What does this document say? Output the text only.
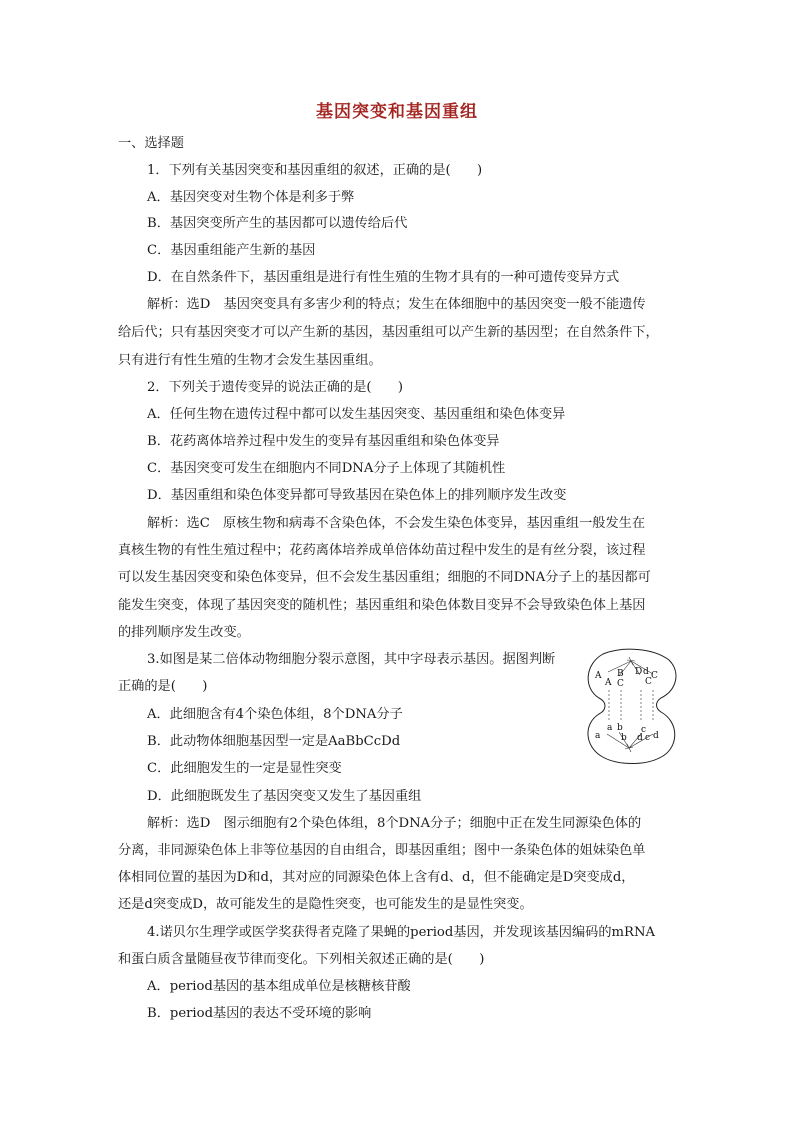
基因突变和基因重组
一、选择题
1．下列有关基因突变和基因重组的叙述，正确的是(　　)
A．基因突变对生物个体是利多于弊
B．基因突变所产生的基因都可以遗传给后代
C．基因重组能产生新的基因
D．在自然条件下，基因重组是进行有性生殖的生物才具有的一种可遗传变异方式
解析：选D　基因突变具有多害少利的特点；发生在体细胞中的基因突变一般不能遗传
给后代；只有基因突变才可以产生新的基因，基因重组可以产生新的基因型；在自然条件下，
只有进行有性生殖的生物才会发生基因重组。
2．下列关于遗传变异的说法正确的是(　　)
A．任何生物在遗传过程中都可以发生基因突变、基因重组和染色体变异
B．花药离体培养过程中发生的变异有基因重组和染色体变异
C．基因突变可发生在细胞内不同DNA分子上体现了其随机性
D．基因重组和染色体变异都可导致基因在染色体上的排列顺序发生改变
解析：选C　原核生物和病毒不含染色体，不会发生染色体变异，基因重组一般发生在
真核生物的有性生殖过程中；花药离体培养成单倍体幼苗过程中发生的是有丝分裂，该过程
可以发生基因突变和染色体变异，但不会发生基因重组；细胞的不同DNA分子上的基因都可
能发生突变，体现了基因突变的随机性；基因重组和染色体数目变异不会导致染色体上基因
的排列顺序发生改变。
3.如图是某二倍体动物细胞分裂示意图，其中字母表示基因。据图判断
正确的是(　　)
A．此细胞含有4个染色体组，8个DNA分子
B．此动物体细胞基因型一定是AaBbCcDd
C．此细胞发生的一定是显性突变
D．此细胞既发生了基因突变又发生了基因重组
解析：选D　图示细胞有2个染色体组，8个DNA分子；细胞中正在发生同源染色体的
分离，非同源染色体上非等位基因的自由组合，即基因重组；图中一条染色体的姐妹染色单
体相同位置的基因为D和d，其对应的同源染色体上含有d、d，但不能确定是D突变成d，
还是d突变成D，故可能发生的是隐性突变，也可能发生的是显性突变。
A
A
B
C
D d
C
C
a
a b
b
c
c
d d
4.诺贝尔生理学或医学奖获得者克隆了果蝇的period基因，并发现该基因编码的mRNA
和蛋白质含量随昼夜节律而变化。下列相关叙述正确的是(　　)
A．period基因的基本组成单位是核糖核苷酸
B．period基因的表达不受环境的影响
